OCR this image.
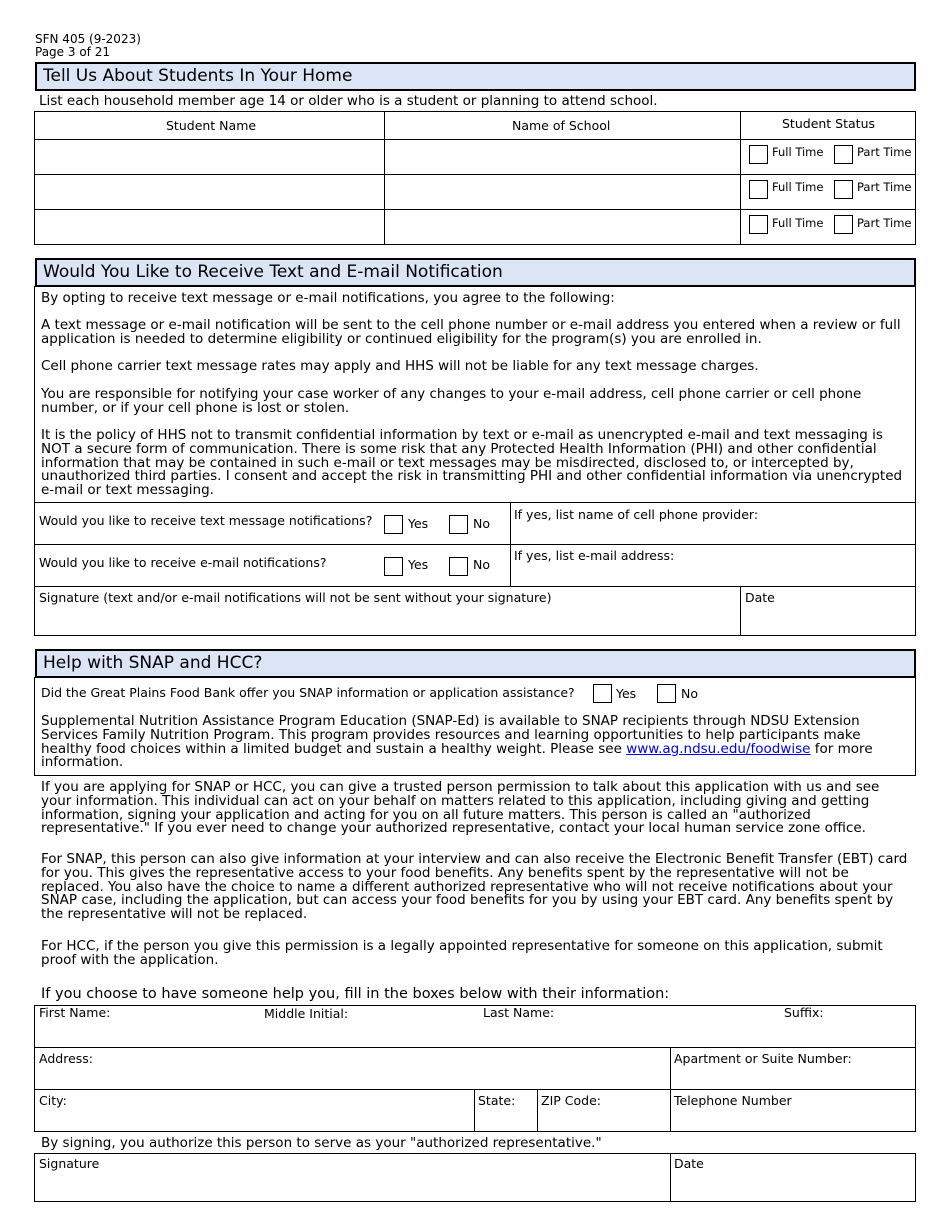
SFN 405 (9-2023)
Page 3 of 21
Tell Us About Students In Your Home
List each household member age 14 or older who is a student or planning to attend school.
Student Name	Name of School	Student Status
Full Time	Part Time
Full Time	Part Time
Full Time	Part Time
Would You Like to Receive Text and E-mail Notification
By opting to receive text message or e-mail notifications, you agree to the following:
A text message or e-mail notification will be sent to the cell phone number or e-mail address you entered when a review or full application is needed to determine eligibility or continued eligibility for the program(s) you are enrolled in.
Cell phone carrier text message rates may apply and HHS will not be liable for any text message charges.
You are responsible for notifying your case worker of any changes to your e-mail address, cell phone carrier or cell phone number, or if your cell phone is lost or stolen.
It is the policy of HHS not to transmit confidential information by text or e-mail as unencrypted e-mail and text messaging is NOT a secure form of communication. There is some risk that any Protected Health Information (PHI) and other confidential information that may be contained in such e-mail or text messages may be misdirected, disclosed to, or intercepted by, unauthorized third parties. I consent and accept the risk in transmitting PHI and other confidential information via unencrypted e-mail or text messaging.
Would you like to receive text message notifications?	Yes	No
If yes, list name of cell phone provider:
Would you like to receive e-mail notifications?	Yes	No
If yes, list e-mail address:
Signature (text and/or e-mail notifications will not be sent without your signature)	Date
Help with SNAP and HCC?
Did the Great Plains Food Bank offer you SNAP information or application assistance?	Yes	No
Supplemental Nutrition Assistance Program Education (SNAP-Ed) is available to SNAP recipients through NDSU Extension Services Family Nutrition Program. This program provides resources and learning opportunities to help participants make healthy food choices within a limited budget and sustain a healthy weight. Please see www.ag.ndsu.edu/foodwise for more information.
If you are applying for SNAP or HCC, you can give a trusted person permission to talk about this application with us and see your information. This individual can act on your behalf on matters related to this application, including giving and getting information, signing your application and acting for you on all future matters. This person is called an "authorized representative." If you ever need to change your authorized representative, contact your local human service zone office.
For SNAP, this person can also give information at your interview and can also receive the Electronic Benefit Transfer (EBT) card for you. This gives the representative access to your food benefits. Any benefits spent by the representative will not be replaced. You also have the choice to name a different authorized representative who will not receive notifications about your SNAP case, including the application, but can access your food benefits for you by using your EBT card. Any benefits spent by the representative will not be replaced.
For HCC, if the person you give this permission is a legally appointed representative for someone on this application, submit proof with the application.
If you choose to have someone help you, fill in the boxes below with their information:
First Name:	Middle Initial:	Last Name:	Suffix:
Address:	Apartment or Suite Number:
City:	State: ZIP Code:	Telephone Number
By signing, you authorize this person to serve as your "authorized representative."
Signature	Date
